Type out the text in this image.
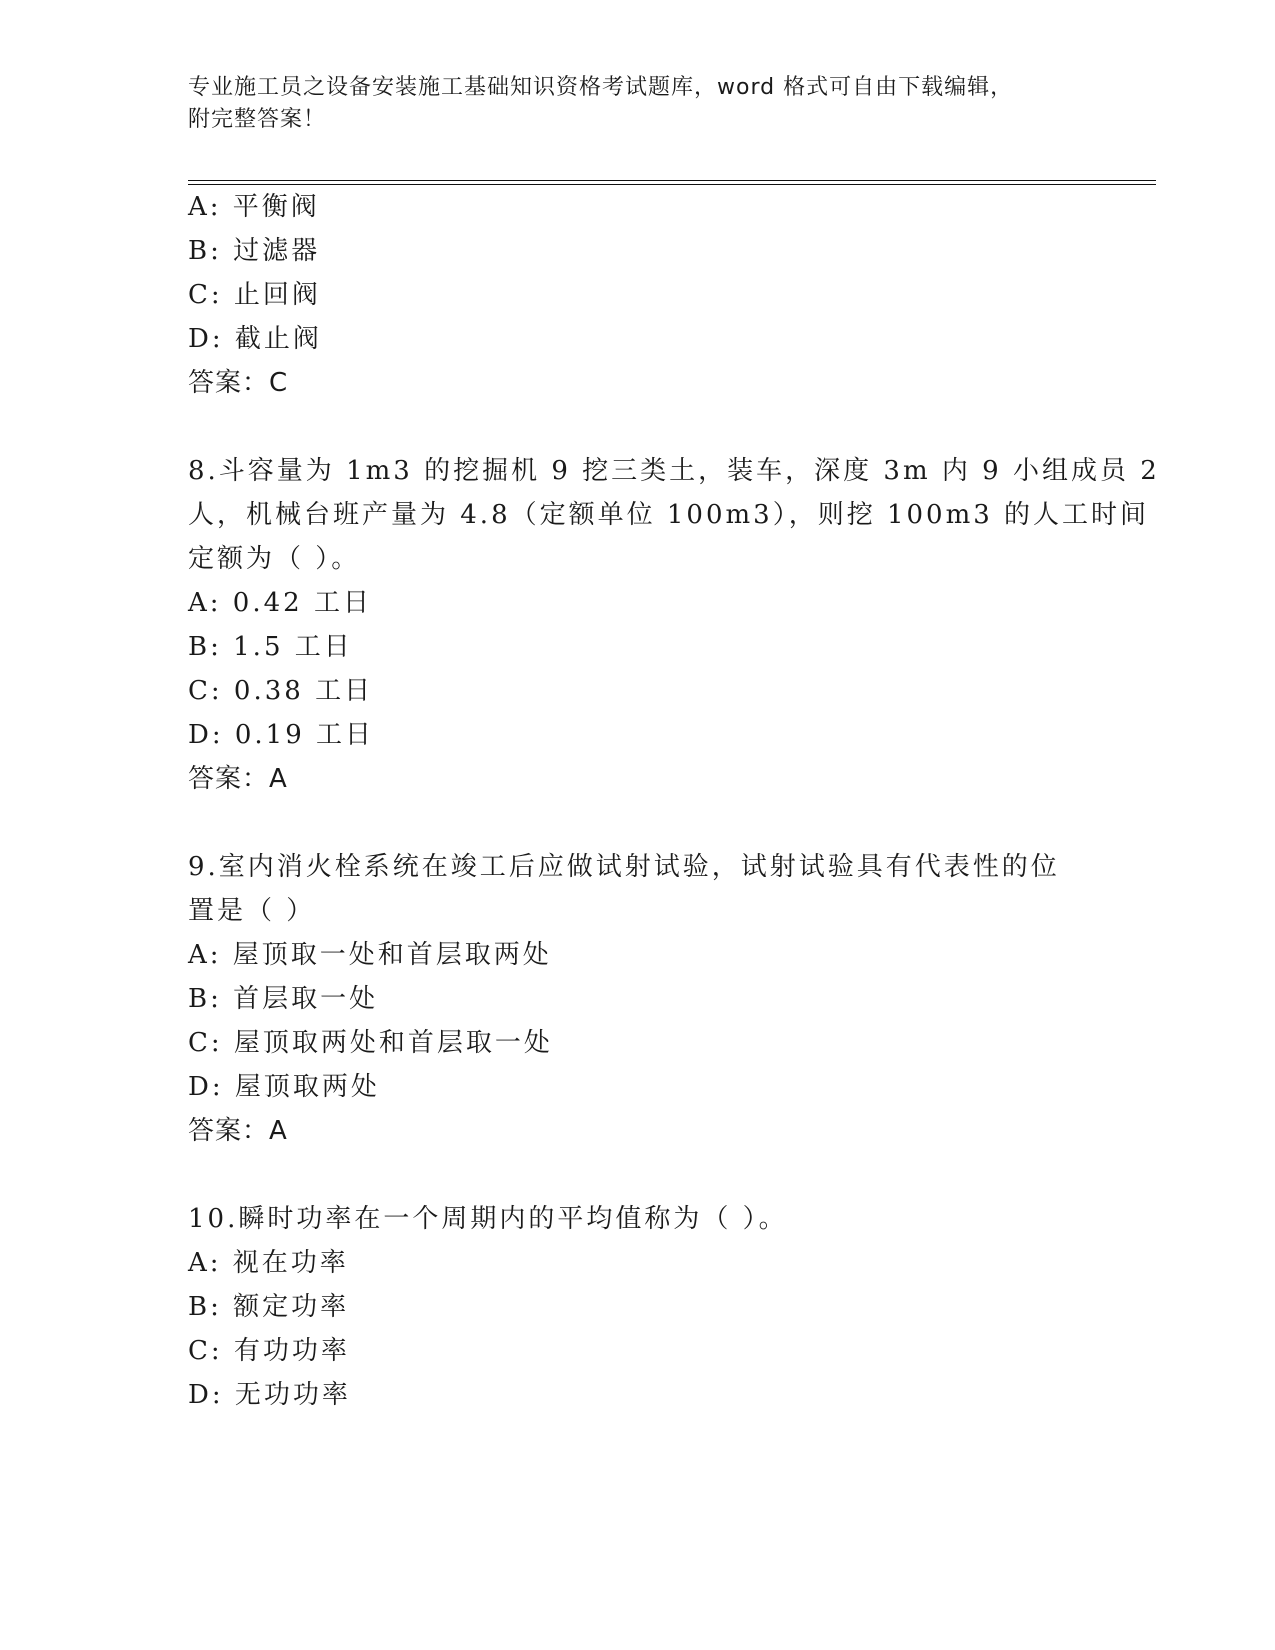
专业施工员之设备安装施工基础知识资格考试题库，word 格式可自由下载编辑，
附完整答案！
A: 平衡阀
B: 过滤器
C: 止回阀
D: 截止阀
答案：C
8.斗容量为 1m3 的挖掘机 9 挖三类土，装车，深度 3m 内 9 小组成员 2
人，机械台班产量为 4.8（定额单位 100m3），则挖 100m3 的人工时间
定额为（ ）。
A: 0.42 工日
B: 1.5 工日
C: 0.38 工日
D: 0.19 工日
答案：A
9.室内消火栓系统在竣工后应做试射试验，试射试验具有代表性的位
置是（ ）
A: 屋顶取一处和首层取两处
B: 首层取一处
C: 屋顶取两处和首层取一处
D: 屋顶取两处
答案：A
10.瞬时功率在一个周期内的平均值称为（ ）。
A: 视在功率
B: 额定功率
C: 有功功率
D: 无功功率
